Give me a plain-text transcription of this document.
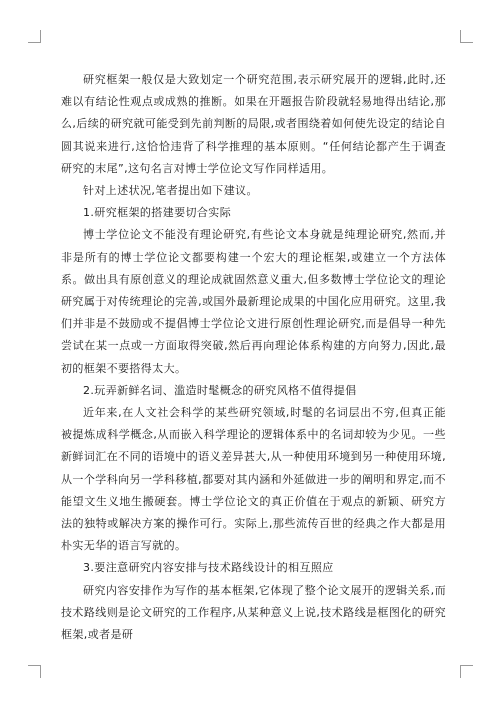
研究框架一般仅是大致划定一个研究范围,表示研究展开的逻辑,此时,还难以有结论性观点或成熟的推断。如果在开题报告阶段就轻易地得出结论,那么,后续的研究就可能受到先前判断的局限,或者围绕着如何使先设定的结论自圆其说来进行,这恰恰违背了科学推理的基本原则。“任何结论都产生于调查研究的末尾”,这句名言对博士学位论文写作同样适用。

针对上述状况,笔者提出如下建议。

1.研究框架的搭建要切合实际

博士学位论文不能没有理论研究,有些论文本身就是纯理论研究,然而,并非是所有的博士学位论文都要构建一个宏大的理论框架,或建立一个方法体系。做出具有原创意义的理论成就固然意义重大,但多数博士学位论文的理论研究属于对传统理论的完善,或国外最新理论成果的中国化应用研究。这里,我们并非是不鼓励或不提倡博士学位论文进行原创性理论研究,而是倡导一种先尝试在某一点或一方面取得突破,然后再向理论体系构建的方向努力,因此,最初的框架不要搭得太大。

2.玩弄新鲜名词、滥造时髦概念的研究风格不值得提倡

近年来,在人文社会科学的某些研究领域,时髦的名词层出不穷,但真正能被提炼成科学概念,从而嵌入科学理论的逻辑体系中的名词却较为少见。一些新鲜词汇在不同的语境中的语义差异甚大,从一种使用环境到另一种使用环境,从一个学科向另一学科移植,都要对其内涵和外延做进一步的阐明和界定,而不能望文生义地生搬硬套。博士学位论文的真正价值在于观点的新颖、研究方法的独特或解决方案的操作可行。实际上,那些流传百世的经典之作大都是用朴实无华的语言写就的。

3.要注意研究内容安排与技术路线设计的相互照应

研究内容安排作为写作的基本框架,它体现了整个论文展开的逻辑关系,而技术路线则是论文研究的工作程序,从某种意义上说,技术路线是框图化的研究框架,或者是研
